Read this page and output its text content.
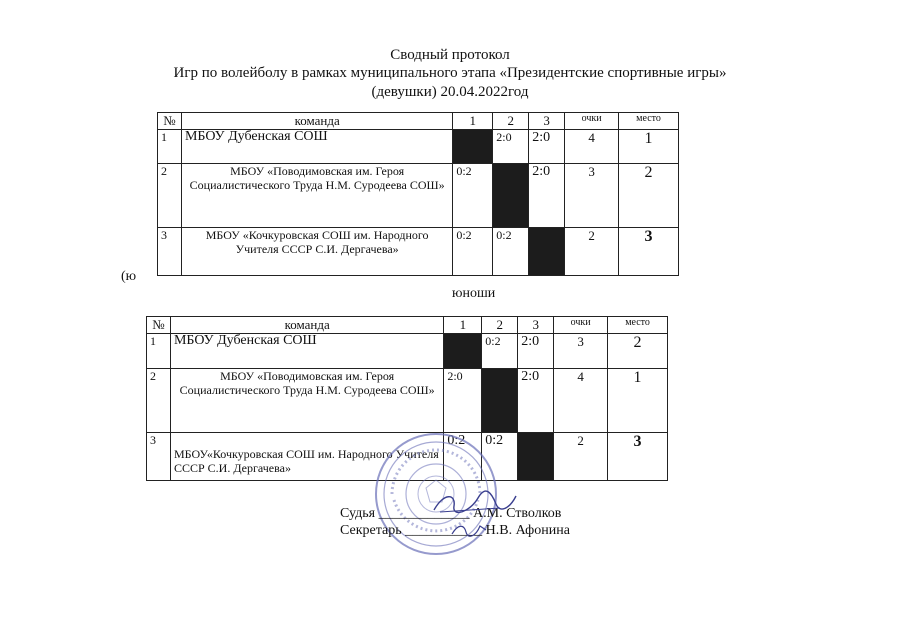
Сводный протокол
Игр по волейболу в рамках муниципального этапа «Президентские спортивные игры»
(девушки) 20.04.2022год
№	команда	1	2	3	очки	место
1	МБОУ Дубенская СОШ		2:0	2:0	4	1
2	МБОУ «Поводимовская им. Героя Социалистического Труда Н.М. Суродеева СОШ»	0:2		2:0	3	2
3	МБОУ «Кочкуровская СОШ им. Народного Учителя СССР С.И. Дергачева»	0:2	0:2		2	3
(ю
юноши
№	команда	1	2	3	очки	место
1	МБОУ Дубенская СОШ		0:2	2:0	3	2
2	МБОУ «Поводимовская им. Героя Социалистического Труда Н.М. Суродеева СОШ»	2:0		2:0	4	1
3	МБОУ«Кочкуровская СОШ им. Народного Учителя СССР С.И. Дергачева»	0:2	0:2		2	3
Судья _____________ А.М. Стволков
Секретарь ___________ Н.В. Афонина
